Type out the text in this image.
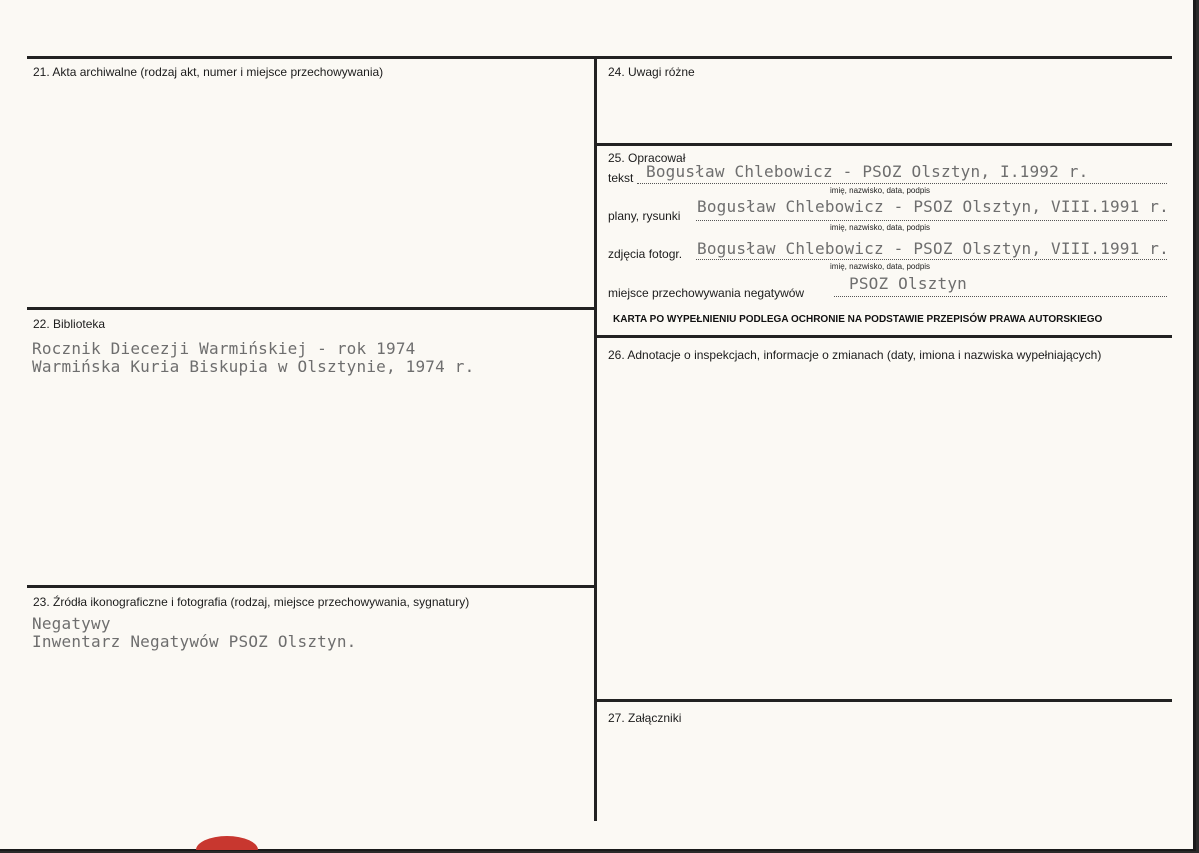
21. Akta archiwalne (rodzaj akt, numer i miejsce przechowywania)
22. Biblioteka
Rocznik Diecezji Warmińskiej - rok 1974
Warmińska Kuria Biskupia w Olsztynie, 1974 r.
23. Źródła ikonograficzne i fotografia (rodzaj, miejsce przechowywania, sygnatury)
Negatywy
Inwentarz Negatywów PSOZ Olsztyn.
24. Uwagi różne
25. Opracował
tekst Bogusław Chlebowicz - PSOZ Olsztyn, I.1992 r.
imię, nazwisko, data, podpis
plany, rysunki Bogusław Chlebowicz - PSOZ Olsztyn, VIII.1991 r.
imię, nazwisko, data, podpis
zdjęcia fotogr. Bogusław Chlebowicz - PSOZ Olsztyn, VIII.1991 r.
imię, nazwisko, data, podpis
miejsce przechowywania negatywów	PSOZ Olsztyn
KARTA PO WYPEŁNIENIU PODLEGA OCHRONIE NA PODSTAWIE PRZEPISÓW PRAWA AUTORSKIEGO
26. Adnotacje o inspekcjach, informacje o zmianach (daty, imiona i nazwiska wypełniających)
27. Załączniki
